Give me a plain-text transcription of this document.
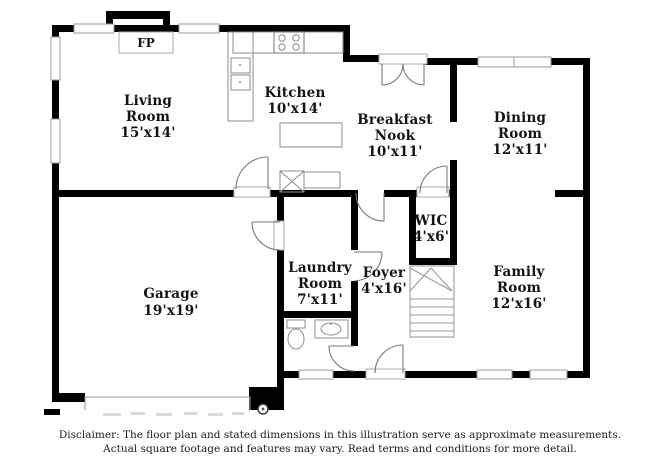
FP
Living
Room
15'x14'
Kitchen
10'x14'
Breakfast
Nook
10'x11'
Dining
Room
12'x11'
WIC
4'x6'
Laundry
Room
7'x11'
Foyer
4'x16'
Family
Room
12'x16'
Garage
19'x19'
Disclaimer: The floor plan and stated dimensions in this illustration serve as approximate measurements.
Actual square footage and features may vary. Read terms and conditions for more detail.
